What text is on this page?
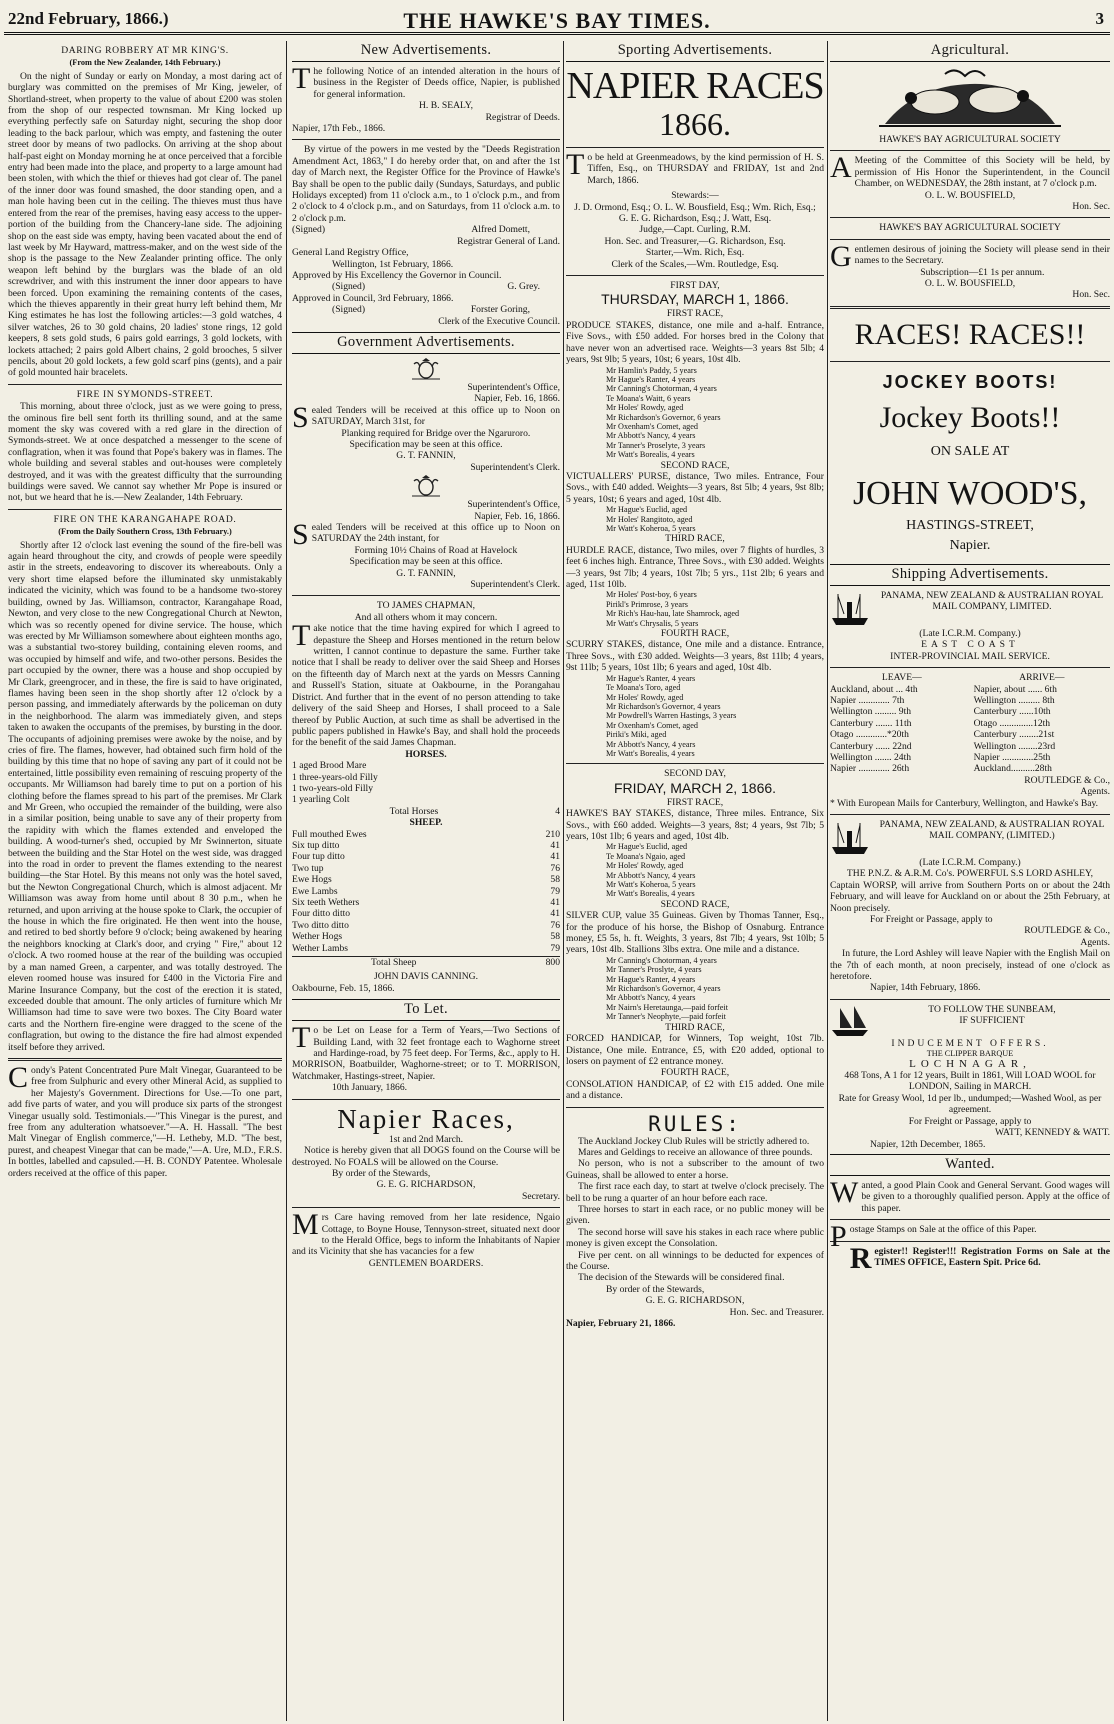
22nd February, 1866.)	THE HAWKE'S BAY TIMES.	3
DARING ROBBERY AT MR KING'S.
(From the New Zealander, 14th February.)
On the night of Sunday or early on Monday, a most daring act of burglary was committed on the premises of Mr King, jeweler, of Shortland-street, when property to the value of about £200 was stolen from the shop of our respected townsman. Mr King locked up everything perfectly safe on Saturday night, securing the shop door leading to the back parlour, which was empty, and fastening the outer street door by means of two padlocks. On arriving at the shop about half-past eight on Monday morning he at once perceived that a forcible entry had been made into the place, and property to a large amount had been stolen, with which the thief or thieves had got clear of. The panel of the inner door was found smashed, the door standing open, and a man hole having been cut in the ceiling. The thieves must thus have entered from the rear of the premises, having easy access to the upper-portion of the building from the Chancery-lane side. The adjoining shop on the east side was empty, having been vacated about the end of last week by Mr Hayward, mattress-maker, and on the west side of the shop is the passage to the New Zealander printing office. The only weapon left behind by the burglars was the blade of an old screwdriver, and with this instrument the inner door appears to have been forced. Upon examining the remaining contents of the cases, which the thieves apparently in their great hurry left behind them, Mr King estimates he has lost the following articles:—3 gold watches, 4 silver watches, 26 to 30 gold chains, 20 ladies' stone rings, 12 gold keepers, 8 sets gold studs, 6 pairs gold earrings, 3 gold lockets, with lockets attached; 2 pairs gold Albert chains, 2 gold brooches, 5 silver pencils, about 20 gold lockets, a few gold scarf pins (gents), and a pair of gold mounted hair bracelets.
FIRE IN SYMONDS-STREET.
This morning, about three o'clock, just as we were going to press, the ominous fire bell sent forth its thrilling sound, and at the same moment the sky was covered with a red glare in the direction of Symonds-street. We at once despatched a messenger to the scene of conflagration, when it was found that Pope's bakery was in flames. The whole building and several stables and out-houses were completely destroyed, and it was with the greatest difficulty that the surrounding buildings were saved. We cannot say whether Mr Pope is insured or not, but we heard that he is.—New Zealander, 14th February.
FIRE ON THE KARANGAHAPE ROAD.
(From the Daily Southern Cross, 13th February.)
Shortly after 12 o'clock last evening the sound of the fire-bell was again heard throughout the city, and crowds of people were speedily astir in the streets, endeavoring to discover its whereabouts. Only a very short time elapsed before the illuminated sky unmistakably indicated the vicinity, which was found to be a handsome two-storey building, owned by Jas. Williamson, contractor, Karangahape Road, Newton, and very close to the new Congregational Church at Newton, which was so recently opened for divine service. The house, which was erected by Mr Williamson somewhere about eighteen months ago, was a substantial two-storey building, containing eleven rooms, and was occupied by himself and wife, and two-other persons. Besides the part occupied by the owner, there was a house and shop occupied by Mr Clark, greengrocer, and in these, the fire is said to have originated, flames having been seen in the shop shortly after 12 o'clock by a person passing, and immediately afterwards by the policeman on duty in the neighborhood. The alarm was immediately given, and steps taken to awaken the occupants of the premises, by bursting in the door. The occupants of adjoining premises were awoke by the noise, and by cries of fire. The flames, however, had obtained such firm hold of the building by this time that no hope of saving any part of it could not be entertained, little possibility even remaining of rescuing property of the occupants. Mr Williamson had barely time to put on a portion of his clothing before the flames spread to his part of the premises. Mr Clark and Mr Green, who occupied the remainder of the building, were also in a similar position, being unable to save any of their property from the rapidity with which the flames extended and enveloped the building. A wood-turner's shed, occupied by Mr Swinnerton, situate between the building and the Star Hotel on the west side, was dragged into the road in order to prevent the flames extending to the nearest building—the Star Hotel. By this means not only was the hotel saved, but the Newton Congregational Church, which is almost adjacent. Mr Williamson was away from home until about 8 30 p.m., when he returned, and upon arriving at the house spoke to Clark, the occupier of the house in which the fire originated. He then went into the house, and retired to bed shortly before 9 o'clock; being awakened by hearing the neighbors knocking at Clark's door, and crying " Fire," about 12 o'clock. A two roomed house at the rear of the building was occupied by a man named Green, a carpenter, and was totally destroyed. The eleven roomed house was insured for £400 in the Victoria Fire and Marine Insurance Company, but the cost of the erection it is stated, exceeded double that amount. The only articles of furniture which Mr Williamson had time to save were two boxes. The City Board water carts and the Northern fire-engine were dragged to the scene of the conflagration, but owing to the distance the fire had almost expended itself before they arrived.
Condy's Patent Concentrated Pure Malt Vinegar, Guaranteed to be free from Sulphuric and every other Mineral Acid, as supplied to her Majesty's Government. Directions for Use.—To one part, add five parts of water, and you will produce six parts of the strongest Vinegar usually sold. Testimonials.—"This Vinegar is the purest, and free from any adulteration whatsoever."—A. H. Hassall. "The best Malt Vinegar of English commerce,"—H. Letheby, M.D. "The best, purest, and cheapest Vinegar that can be made,"—A. Ure, M.D., F.R.S. In bottles, labelled and capsuled.—H. B. CONDY Patentee. Wholesale orders received at the office of this paper.
New Advertisements.
The following Notice of an intended alteration in the hours of business in the Register of Deeds office, Napier, is published for general information.
H. B. SEALY,
Registrar of Deeds.
Napier, 17th Feb., 1866.
By virtue of the powers in me vested by the "Deeds Registration Amendment Act, 1863," I do hereby order that, on and after the 1st day of March next, the Register Office for the Province of Hawke's Bay shall be open to the public daily (Sundays, Saturdays, and public Holidays excepted) from 11 o'clock a.m., to 1 o'clock p.m., and from 2 o'clock to 4 o'clock p.m., and on Saturdays, from 11 o'clock a.m. to 2 o'clock p.m.
(Signed)	Alfred Domett,
Registrar General of Land.
General Land Registry Office,
Wellington, 1st February, 1866.
Approved by His Excellency the Governor in Council.
(Signed)	G. Grey.
Approved in Council, 3rd February, 1866.
(Signed)	Forster Goring,
Clerk of the Executive Council.
Government Advertisements.
Superintendent's Office,
Napier, Feb. 16, 1866.
Sealed Tenders will be received at this office up to Noon on SATURDAY, March 31st, for
Planking required for Bridge over the Ngaruroro.
Specification may be seen at this office.
G. T. FANNIN,
Superintendent's Clerk.
Superintendent's Office,
Napier, Feb. 16, 1866.
Sealed Tenders will be received at this office up to Noon on SATURDAY the 24th instant, for
Forming 10½ Chains of Road at Havelock
Specification may be seen at this office.
G. T. FANNIN,
Superintendent's Clerk.
TO JAMES CHAPMAN,
And all others whom it may concern.
Take notice that the time having expired for which I agreed to depasture the Sheep and Horses mentioned in the return below written, I cannot continue to depasture the same. Further take notice that I shall be ready to deliver over the said Sheep and Horses on the fifteenth day of March next at the yards on Messrs Canning and Russell's Station, situate at Oakbourne, in the Porangahau District. And further that in the event of no person attending to take delivery of the said Sheep and Horses, I shall proceed to a Sale thereof by Public Auction, at such time as shall be advertised in the public papers published in Hawke's Bay, and shall hold the proceeds for the benefit of the said James Chapman.
HORSES.
1 aged Brood Mare
1 three-years-old Filly
1 two-years-old Filly
1 yearling Colt
Total Horses	4
SHEEP.
Full mouthed Ewes	210
Six tup ditto	41
Four tup ditto	41
Two tup	76
Ewe Hogs	58
Ewe Lambs	79
Six teeth Wethers	41
Four ditto ditto	41
Two ditto ditto	76
Wether Hogs	58
Wether Lambs	79
Total Sheep	800
JOHN DAVIS CANNING.
Oakbourne, Feb. 15, 1866.
To Let.
To be Let on Lease for a Term of Years,—Two Sections of Building Land, with 32 feet frontage each to Waghorne street and Hardinge-road, by 75 feet deep. For Terms, &c., apply to H. MORRISON, Boatbuilder, Waghorne-street; or to T. MORRISON, Watchmaker, Hastings-street, Napier.
10th January, 1866.
Napier Races,
1st and 2nd March.
Notice is hereby given that all DOGS found on the Course will be destroyed. No FOALS will be allowed on the Course.
By order of the Stewards,
G. E. G. RICHARDSON,
Secretary.
Mrs Care having removed from her late residence, Ngaio Cottage, to Boyne House, Tennyson-street, situated next door to the Herald Office, begs to inform the Inhabitants of Napier and its Vicinity that she has vacancies for a few
GENTLEMEN BOARDERS.
Sporting Advertisements.
NAPIER RACES
1866.
To be held at Greenmeadows, by the kind permission of H. S. Tiffen, Esq., on THURSDAY and FRIDAY, 1st and 2nd March, 1866.
Stewards:—
J. D. Ormond, Esq.; O. L. W. Bousfield, Esq.; Wm. Rich, Esq.;
G. E. G. Richardson, Esq.; J. Watt, Esq.
Judge,—Capt. Curling, R.M.
Hon. Sec. and Treasurer,—G. Richardson, Esq.
Starter,—Wm. Rich, Esq.
Clerk of the Scales,—Wm. Routledge, Esq.
FIRST DAY,
THURSDAY, MARCH 1, 1866.
FIRST RACE,
PRODUCE STAKES, distance, one mile and a-half. Entrance, Five Sovs., with £50 added. For horses bred in the Colony that have never won an advertised race. Weights—3 years 8st 5lb; 4 years, 9st 9lb; 5 years, 10st; 6 years, 10st 4lb.
Mr Hamlin's Paddy, 5 years
Mr Hague's Ranter, 4 years
Mr Canning's Chotorman, 4 years
Te Moana's Waitt, 6 years
Mr Holes' Rowdy, aged
Mr Richardson's Governor, 6 years
Mr Oxenham's Comet, aged
Mr Abbott's Nancy, 4 years
Mr Tanner's Proselyte, 3 years
Mr Watt's Borealis, 4 years
SECOND RACE,
VICTUALLERS' PURSE, distance, Two miles. Entrance, Four Sovs., with £40 added. Weights—3 years, 8st 5lb; 4 years, 9st 8lb; 5 years, 10st; 6 years and aged, 10st 4lb.
Mr Hague's Euclid, aged
Mr Holes' Rangitoto, aged
Mr Watt's Koheroa, 5 years
THIRD RACE,
HURDLE RACE, distance, Two miles, over 7 flights of hurdles, 3 feet 6 inches high. Entrance, Three Sovs., with £30 added. Weights—3 years, 9st 7lb; 4 years, 10st 7lb; 5 yrs., 11st 2lb; 6 years and aged, 11st 10lb.
Mr Holes' Post-boy, 6 years
Pirikl's Primrose, 3 years
Mr Rich's Hau-hau, late Shamrock, aged
Mr Watt's Chrysalis, 5 years
FOURTH RACE,
SCURRY STAKES, distance, One mile and a distance. Entrance, Three Sovs., with £30 added. Weights—3 years, 8st 11lb; 4 years, 9st 11lb; 5 years, 10st 1lb; 6 years and aged, 10st 4lb.
Mr Hague's Ranter, 4 years
Te Moana's Toro, aged
Mr Holes' Rowdy, aged
Mr Richardson's Governor, 4 years
Mr Powdrell's Warren Hastings, 3 years
Mr Oxenham's Comet, aged
Piriki's Miki, aged
Mr Abbott's Nancy, 4 years
Mr Watt's Borealis, 4 years
SECOND DAY,
FRIDAY, MARCH 2, 1866.
FIRST RACE,
HAWKE'S BAY STAKES, distance, Three miles. Entrance, Six Sovs., with £60 added. Weights—3 years, 8st; 4 years, 9st 7lb; 5 years, 10st 1lb; 6 years and aged, 10st 4lb.
Mr Hague's Euclid, aged
Te Moana's Ngaio, aged
Mr Holes' Rowdy, aged
Mr Abbott's Nancy, 4 years
Mr Watt's Koheroa, 5 years
Mr Watt's Borealis, 4 years
SECOND RACE,
SILVER CUP, value 35 Guineas. Given by Thomas Tanner, Esq., for the produce of his horse, the Bishop of Osnaburg. Entrance money, £5 5s, h. ft. Weights, 3 years, 8st 7lb; 4 years, 9st 10lb; 5 years, 10st 4lb. Stallions 3lbs extra. One mile and a distance.
Mr Canning's Chotorman, 4 years
Mr Tanner's Proslyte, 4 years
Mr Hague's Ranter, 4 years
Mr Richardson's Governor, 4 years
Mr Abbott's Nancy, 4 years
Mr Nairn's Heretaunga,—paid forfeit
Mr Tanner's Neophyte,—paid forfeit
THIRD RACE,
FORCED HANDICAP, for Winners, Top weight, 10st 7lb. Distance, One mile. Entrance, £5, with £20 added, optional to losers on payment of £2 entrance money.
FOURTH RACE,
CONSOLATION HANDICAP, of £2 with £15 added. One mile and a distance.
RULES:
The Auckland Jockey Club Rules will be strictly adhered to.
Mares and Geldings to receive an allowance of three pounds.
No person, who is not a subscriber to the amount of two Guineas, shall be allowed to enter a horse.
The first race each day, to start at twelve o'clock precisely. The bell to be rung a quarter of an hour before each race.
Three horses to start in each race, or no public money will be given.
The second horse will save his stakes in each race where public money is given except the Consolation.
Five per cent. on all winnings to be deducted for expences of the Course.
The decision of the Stewards will be considered final.
By order of the Stewards,
G. E. G. RICHARDSON,
Hon. Sec. and Treasurer.
Napier, February 21, 1866.
Agricultural.
HAWKE'S BAY AGRICULTURAL SOCIETY
AMeeting of the Committee of this Society will be held, by permission of His Honor the Superintendent, in the Council Chamber, on WEDNESDAY, the 28th instant, at 7 o'clock p.m.
O. L. W. BOUSFIELD,
Hon. Sec.
HAWKE'S BAY AGRICULTURAL SOCIETY
Gentlemen desirous of joining the Society will please send in their names to the Secretary.
Subscription—£1 1s per annum.
O. L. W. BOUSFIELD,
Hon. Sec.
RACES! RACES!!
JOCKEY BOOTS!
Jockey Boots!!
ON SALE AT
JOHN WOOD'S,
HASTINGS-STREET,
Napier.
Shipping Advertisements.
PANAMA, NEW ZEALAND & AUSTRALIAN ROYAL MAIL COMPANY, LIMITED.
(Late I.C.R.M. Company.)
EAST COAST
INTER-PROVINCIAL MAIL SERVICE.
LEAVE—	ARRIVE—
Auckland, about ... 4th	Napier, about ...... 6th
Napier ............. 7th	Wellington ......... 8th
Wellington ......... 9th	Canterbury ......10th
Canterbury ....... 11th	Otago ..............12th
Otago .............*20th	Canterbury ........21st
Canterbury ...... 22nd	Wellington ........23rd
Wellington ....... 24th	Napier .............25th
Napier ............. 26th	Auckland..........28th
ROUTLEDGE & Co.,
Agents.
* With European Mails for Canterbury, Wellington, and Hawke's Bay.
PANAMA, NEW ZEALAND, & AUSTRALIAN ROYAL MAIL COMPANY, (LIMITED.)
(Late I.C.R.M. Company.)
THE P.N.Z. & A.R.M. Co's. POWERFUL S.S LORD ASHLEY,
Captain WORSP, will arrive from Southern Ports on or about the 24th February, and will leave for Auckland on or about the 25th February, at Noon precisely.
For Freight or Passage, apply to
ROUTLEDGE & Co.,
Agents.
In future, the Lord Ashley will leave Napier with the English Mail on the 7th of each month, at noon precisely, instead of one o'clock as heretofore.
Napier, 14th February, 1866.
TO FOLLOW THE SUNBEAM,
IF SUFFICIENT
INDUCEMENT OFFERS.
THE CLIPPER BARQUE
LOCHNAGAR,
468 Tons, A 1 for 12 years, Built in 1861, Will LOAD WOOL for LONDON, Sailing in MARCH.
Rate for Greasy Wool, 1d per lb., undumped;—Washed Wool, as per agreement.
For Freight or Passage, apply to
WATT, KENNEDY & WATT.
Napier, 12th December, 1865.
Wanted.
Wanted, a good Plain Cook and General Servant. Good wages will be given to a thoroughly qualified person. Apply at the office of this paper.
Postage Stamps on Sale at the office of this Paper.
Register!! Register!!! Registration Forms on Sale at the TIMES OFFICE, Eastern Spit. Price 6d.
